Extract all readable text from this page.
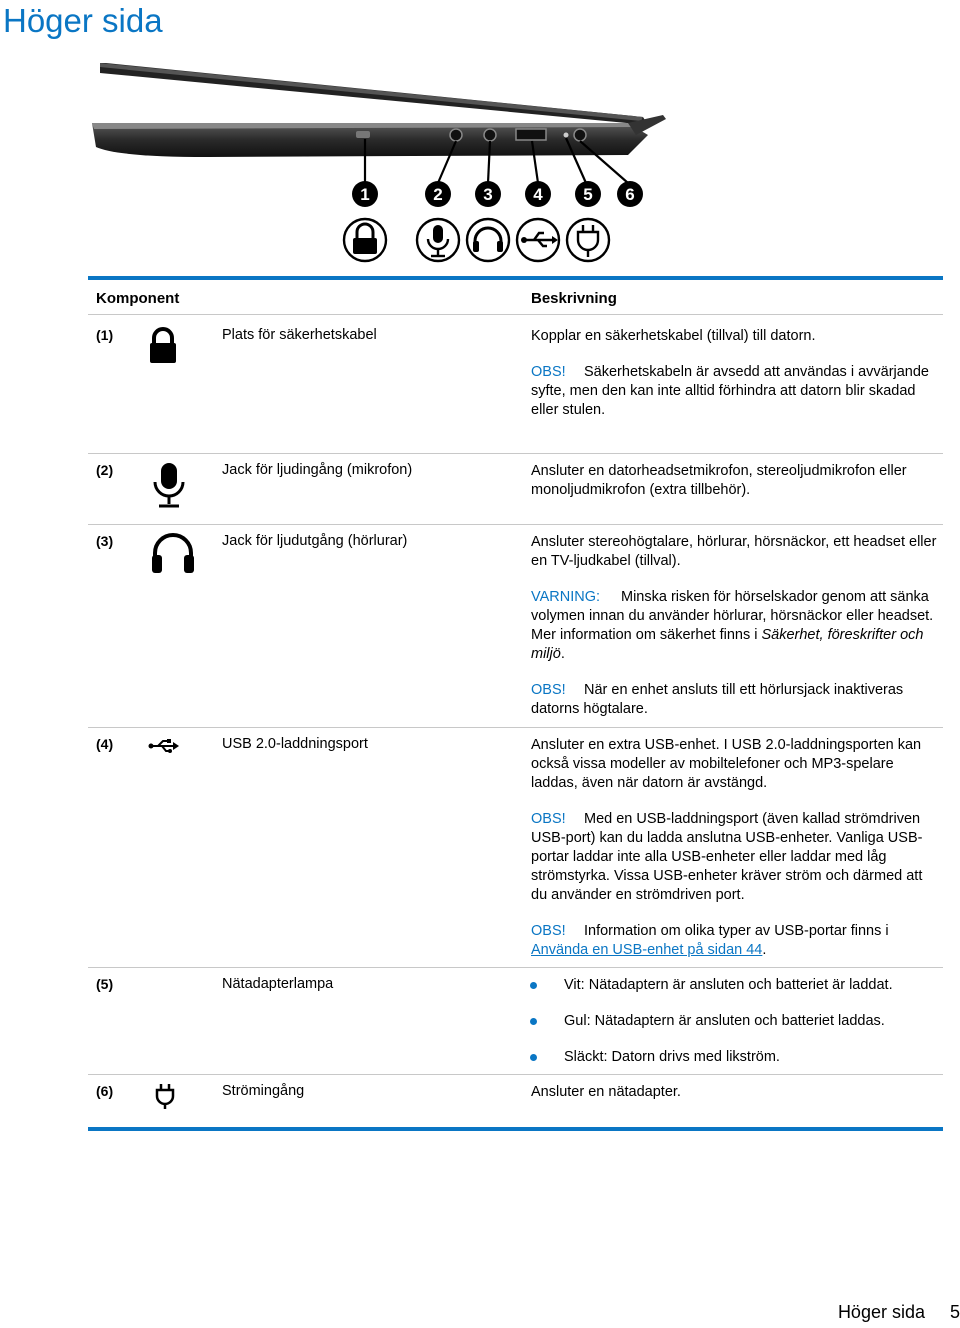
Höger sida
1	2 3 4 5 6
Komponent	Beskrivning
(1)	Plats för säkerhetskabel	Kopplar en säkerhetskabel (tillval) till datorn.

OBS! Säkerhetskabeln är avsedd att användas i avvärjande syfte, men den kan inte alltid förhindra att datorn blir skadad eller stulen.

(2)	Jack för ljudingång (mikrofon)	Ansluter en datorheadsetmikrofon, stereoljudmikrofon eller monoljudmikrofon (extra tillbehör).

(3)	Jack för ljudutgång (hörlurar)	Ansluter stereohögtalare, hörlurar, hörsnäckor, ett headset eller en TV-ljudkabel (tillval).

VARNING: Minska risken för hörselskador genom att sänka volymen innan du använder hörlurar, hörsnäckor eller headset. Mer information om säkerhet finns i Säkerhet, föreskrifter och miljö.

OBS! När en enhet ansluts till ett hörlursjack inaktiveras datorns högtalare.

(4)	USB 2.0-laddningsport	Ansluter en extra USB-enhet. I USB 2.0-laddningsporten kan också vissa modeller av mobiltelefoner och MP3-spelare laddas, även när datorn är avstängd.

OBS! Med en USB-laddningsport (även kallad strömdriven USB-port) kan du ladda anslutna USB-enheter. Vanliga USB-portar laddar inte alla USB-enheter eller laddar med låg strömstyrka. Vissa USB-enheter kräver ström och därmed att du använder en strömdriven port.

OBS! Information om olika typer av USB-portar finns i Använda en USB-enhet på sidan 44.

(5)	Nätadapterlampa	Vit: Nätadaptern är ansluten och batteriet är laddat.
Gul: Nätadaptern är ansluten och batteriet laddas.
Släckt: Datorn drivs med likström.
(6)	Strömingång	Ansluter en nätadapter.

Höger sida 5
